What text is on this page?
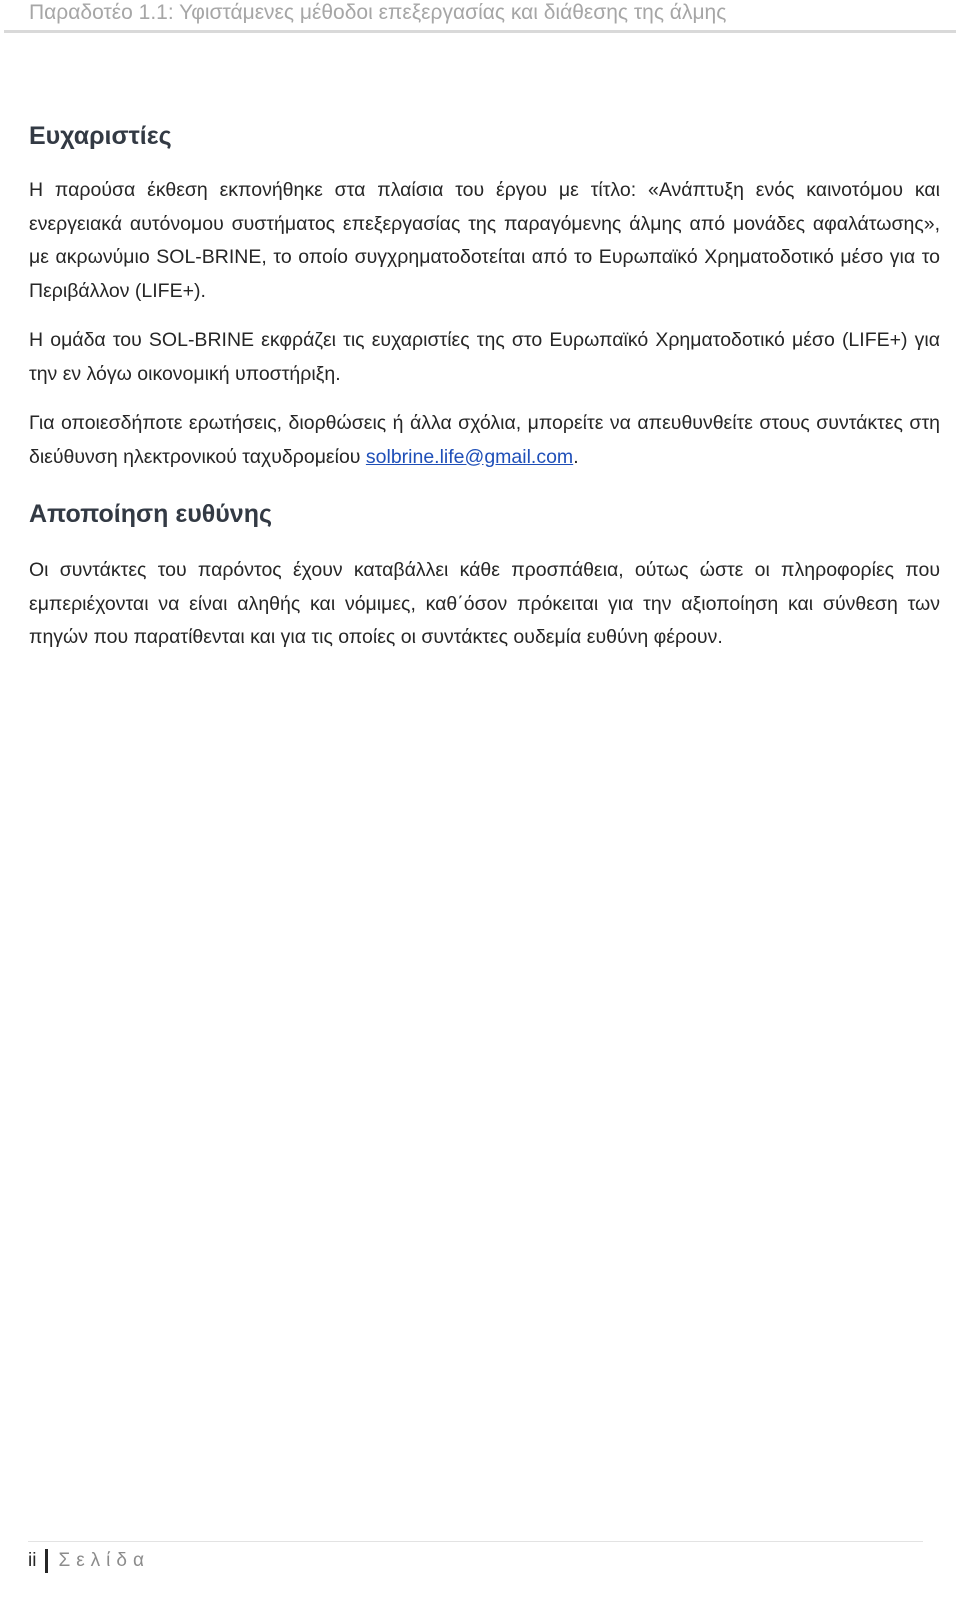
Παραδοτέο 1.1: Υφιστάμενες μέθοδοι επεξεργασίας και διάθεσης της άλμης
Ευχαριστίες

Η παρούσα έκθεση εκπονήθηκε στα πλαίσια του έργου με τίτλο: «Ανάπτυξη ενός καινοτόμου και ενεργειακά αυτόνομου συστήματος επεξεργασίας της παραγόμενης άλμης από μονάδες αφαλάτωσης», με ακρωνύμιο SOL-BRINE, το οποίο συγχρηματοδοτείται από το Ευρωπαϊκό Χρηματοδοτικό μέσο για το Περιβάλλον (LIFE+).

Η ομάδα του SOL-BRINE εκφράζει τις ευχαριστίες της στο Ευρωπαϊκό Χρηματοδοτικό μέσο (LIFE+) για την εν λόγω οικονομική υποστήριξη.

Για οποιεσδήποτε ερωτήσεις, διορθώσεις ή άλλα σχόλια, μπορείτε να απευθυνθείτε στους συντάκτες στη διεύθυνση ηλεκτρονικού ταχυδρομείου solbrine.life@gmail.com.

Αποποίηση ευθύνης

Οι συντάκτες του παρόντος έχουν καταβάλλει κάθε προσπάθεια, ούτως ώστε οι πληροφορίες που εμπεριέχονται να είναι αληθής και νόμιμες, καθ΄όσον πρόκειται για την αξιοποίηση και σύνθεση των πηγών που παρατίθενται και για τις οποίες οι συντάκτες ουδεμία ευθύνη φέρουν.

ii Σελίδα
